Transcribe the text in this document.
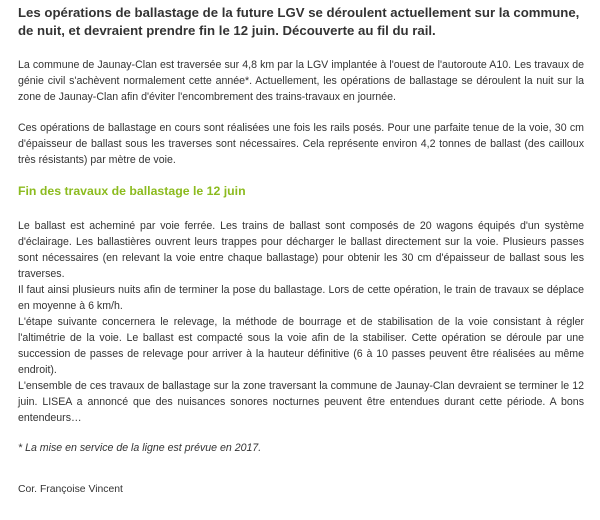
Les opérations de ballastage de la future LGV se déroulent actuellement sur la commune, de nuit, et devraient prendre fin le 12 juin. Découverte au fil du rail.

La commune de Jaunay-Clan est traversée sur 4,8 km par la LGV implantée à l'ouest de l'autoroute A10. Les travaux de génie civil s'achèvent normalement cette année*. Actuellement, les opérations de ballastage se déroulent la nuit sur la zone de Jaunay-Clan afin d'éviter l'encombrement des trains-travaux en journée.

Ces opérations de ballastage en cours sont réalisées une fois les rails posés. Pour une parfaite tenue de la voie, 30 cm d'épaisseur de ballast sous les traverses sont nécessaires. Cela représente environ 4,2 tonnes de ballast (des cailloux très résistants) par mètre de voie.

Fin des travaux de ballastage le 12 juin

Le ballast est acheminé par voie ferrée. Les trains de ballast sont composés de 20 wagons équipés d'un système d'éclairage. Les ballastières ouvrent leurs trappes pour décharger le ballast directement sur la voie. Plusieurs passes sont nécessaires (en relevant la voie entre chaque ballastage) pour obtenir les 30 cm d'épaisseur de ballast sous les traverses.

Il faut ainsi plusieurs nuits afin de terminer la pose du ballastage. Lors de cette opération, le train de travaux se déplace en moyenne à 6 km/h.

L'étape suivante concernera le relevage, la méthode de bourrage et de stabilisation de la voie consistant à régler l'altimétrie de la voie. Le ballast est compacté sous la voie afin de la stabiliser. Cette opération se déroule par une succession de passes de relevage pour arriver à la hauteur définitive (6 à 10 passes peuvent être réalisées au même endroit).

L'ensemble de ces travaux de ballastage sur la zone traversant la commune de Jaunay-Clan devraient se terminer le 12 juin. LISEA a annoncé que des nuisances sonores nocturnes peuvent être entendues durant cette période. A bons entendeurs…

* La mise en service de la ligne est prévue en 2017.

Cor. Françoise Vincent
